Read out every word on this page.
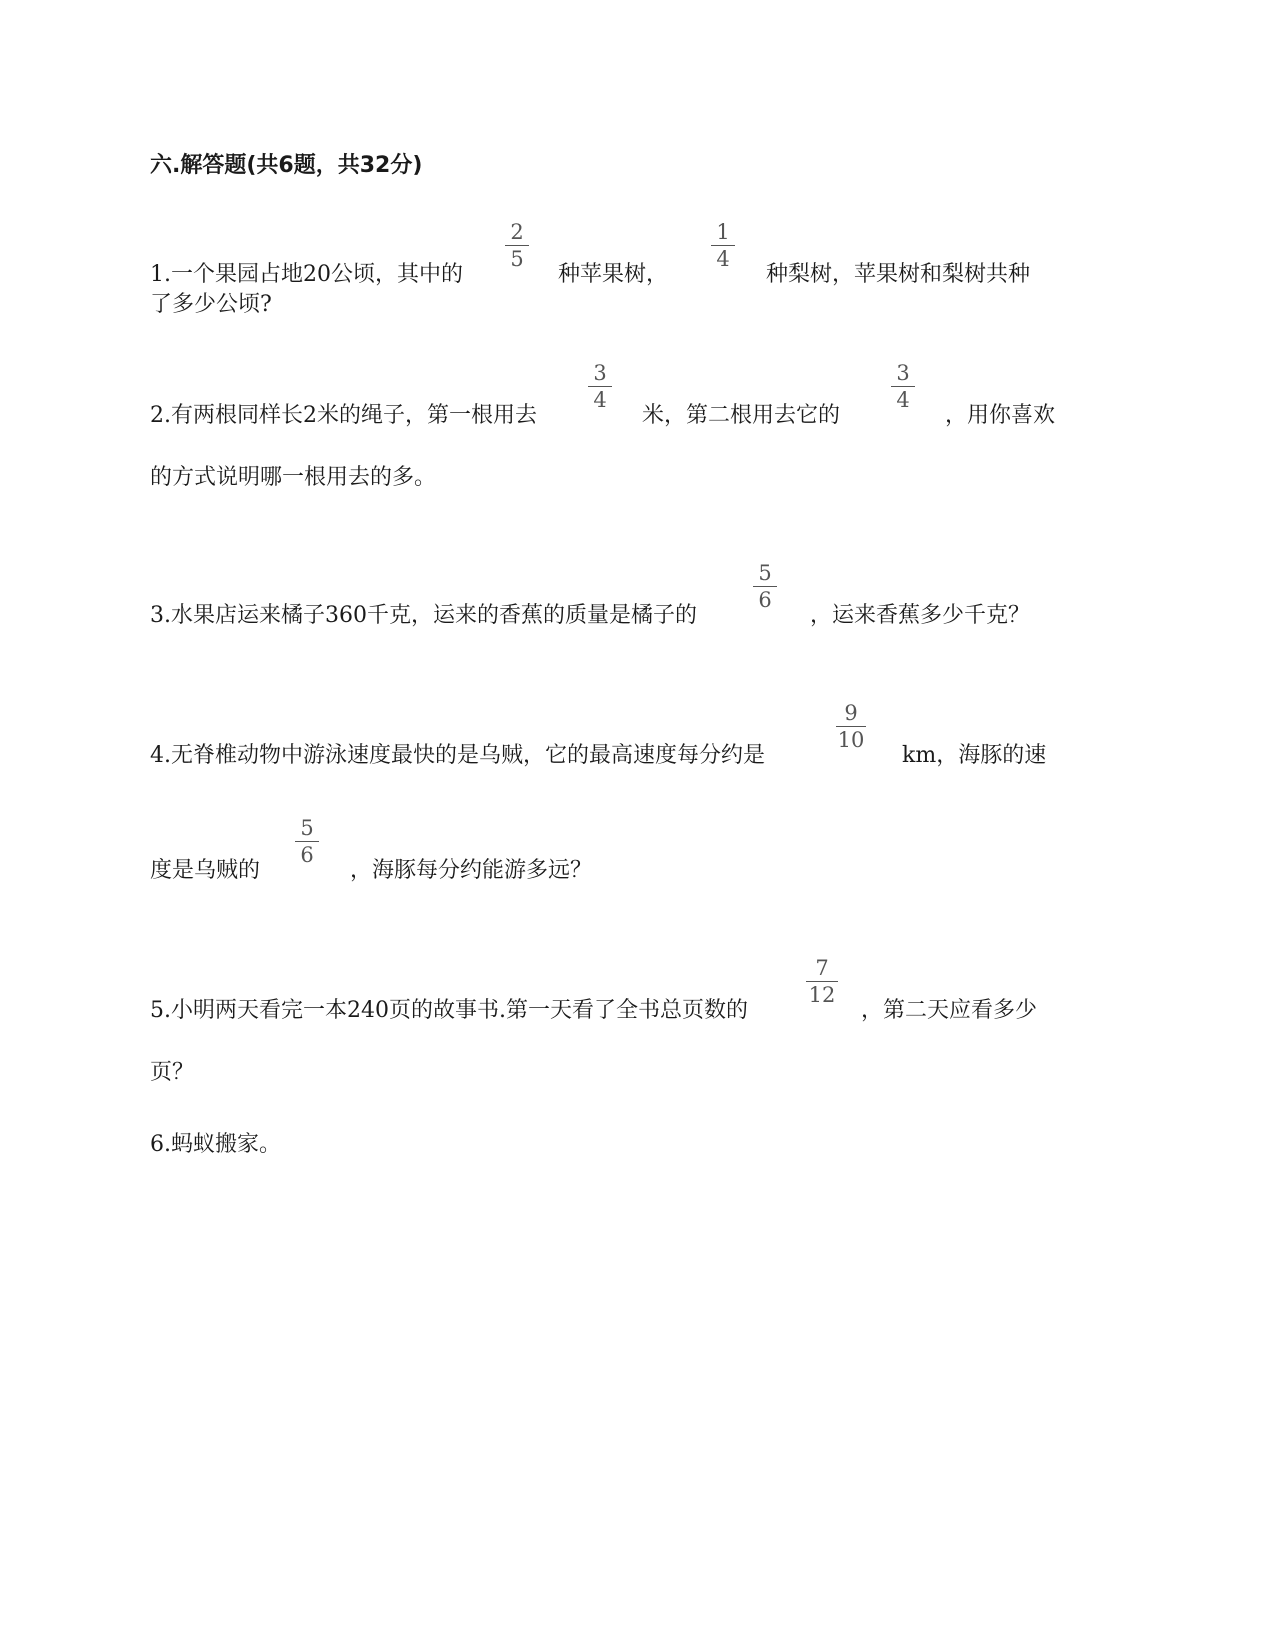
六.解答题(共6题，共32分)
2
5
1
4
1.一个果园占地20公顷，其中的	种苹果树，	种梨树，苹果树和梨树共种
了多少公顷?
3
4
3
4
2.有两根同样长2米的绳子，第一根用去	米，第二根用去它的	，用你喜欢
的方式说明哪一根用去的多。
5
6
3.水果店运来橘子360千克，运来的香蕉的质量是橘子的	，运来香蕉多少千克？
9
10
4.无脊椎动物中游泳速度最快的是乌贼，它的最高速度每分约是	km，海豚的速
5
6
度是乌贼的	，海豚每分约能游多远？
7
12
5.小明两天看完一本240页的故事书.第一天看了全书总页数的	，第二天应看多少
页？
6.蚂蚁搬家。
